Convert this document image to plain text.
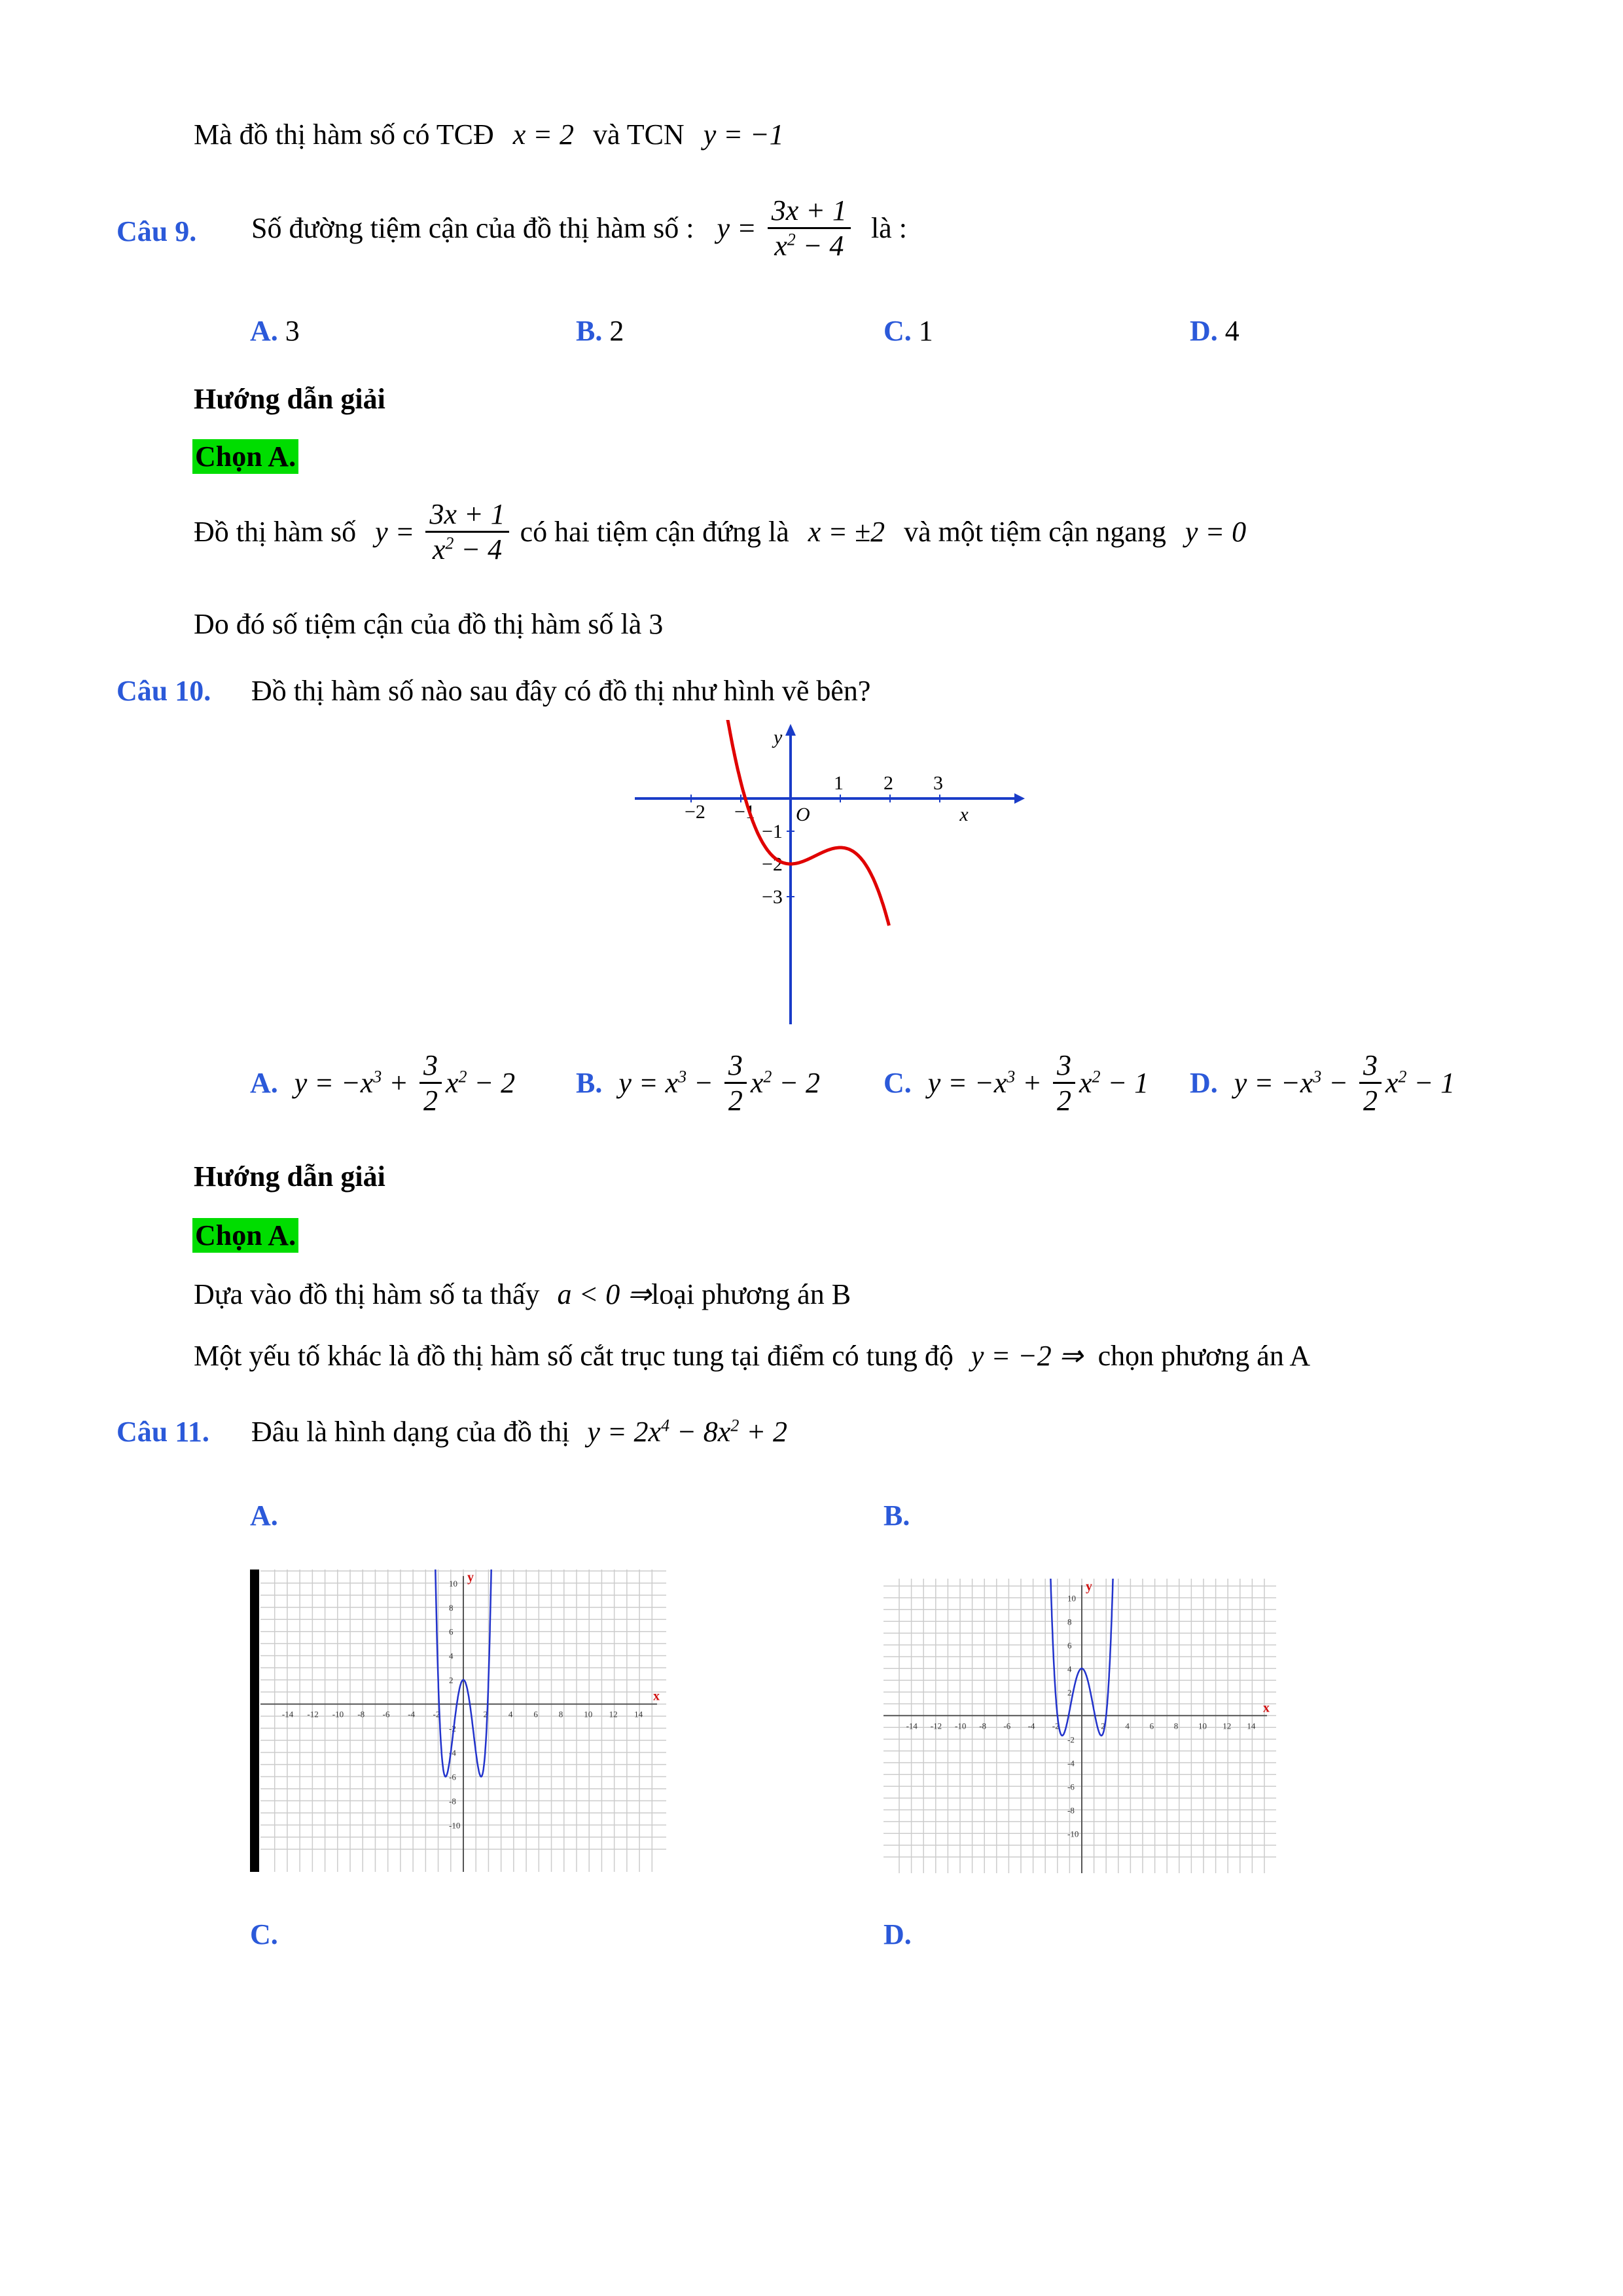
Mà đồ thị hàm số có TCĐ x = 2 và TCN y = −1
Câu 9. Số đường tiệm cận của đồ thị hàm số : $y = \frac{3x + 1}{x^2 - 4}$ là :
A. 3	B. 2	C. 1	D. 4
Hướng dẫn giải
Chọn A.
Đồ thị hàm số $y = \frac{3x + 1}{x^2 - 4}$ có hai tiệm cận đứng là x = ±2 và một tiệm cận ngang y = 0
Do đó số tiệm cận của đồ thị hàm số là 3
Câu 10. Đồ thị hàm số nào sau đây có đồ thị như hình vẽ bên?
−2 −1
1 2 3
−1
−2
−3
O
y
x
A. $y = -x^3 + \frac{3}{2} x^2 - 2$ B. $y = x^3 - \frac{3}{2} x^2 - 2$ C. $y = -x^3 + \frac{3}{2} x^2 - 1$ D. $y = -x^3 - \frac{3}{2} x^2 - 1$
Hướng dẫn giải
Chọn A.
Dựa vào đồ thị hàm số ta thấy a < 0 ⇒loại phương án B
Một yếu tố khác là đồ thị hàm số cắt trục tung tại điểm có tung độ y = −2 ⇒ chọn phương án A
Câu 11. Đâu là hình dạng của đồ thị $y = 2x^4 - 8x^2 + 2$
A.	B.
x
y
-14 -12 -10 -8 -6 -4 -2	2 4 6 8 10 12 14
10
8
6
4
2
-2
-4
-6
-8
-10
x
y
-14 -12 -10 -8 -6 -4 -2	2 4 6 8 10 12 14
10
8
6
4
2
-2
-4
-6
-8
-10
C.	D.
